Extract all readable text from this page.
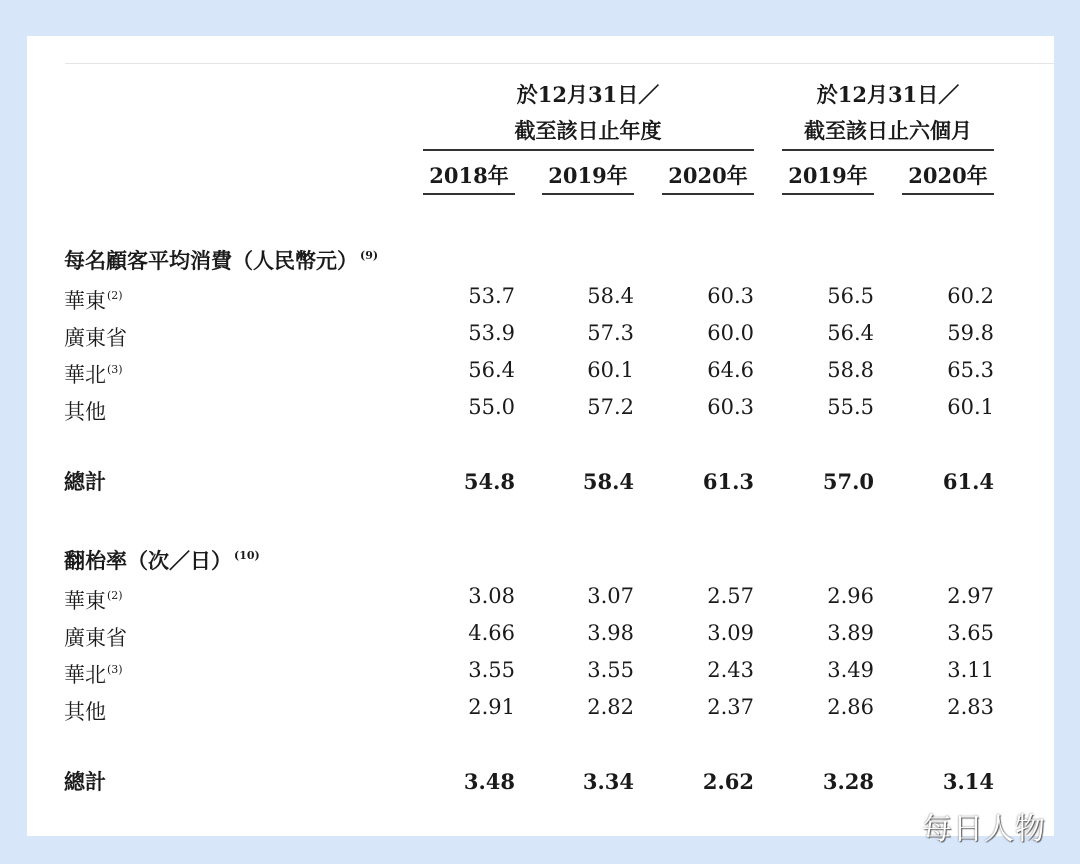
於12月31日／
截至該日止年度
於12月31日／
截至該日止六個月
2018年 2019年 2020年 2019年 2020年
每名顧客平均消費（人民幣元） $^{(9)}$
華東$^{(2)}$	53.7	58.4	60.3	56.5	60.2
廣東省	53.9	57.3	60.0	56.4	59.8
華北$^{(3)}$	56.4	60.1	64.6	58.8	65.3
其他	55.0	57.2	60.3	55.5	60.1
總計	54.8	58.4	61.3	57.0	61.4
翻枱率（次／日） $^{(10)}$
華東$^{(2)}$	3.08	3.07	2.57	2.96	2.97
廣東省	4.66	3.98	3.09	3.89	3.65
華北$^{(3)}$	3.55	3.55	2.43	3.49	3.11
其他	2.91	2.82	2.37	2.86	2.83
總計	3.48	3.34	2.62	3.28	3.14
每日人物
